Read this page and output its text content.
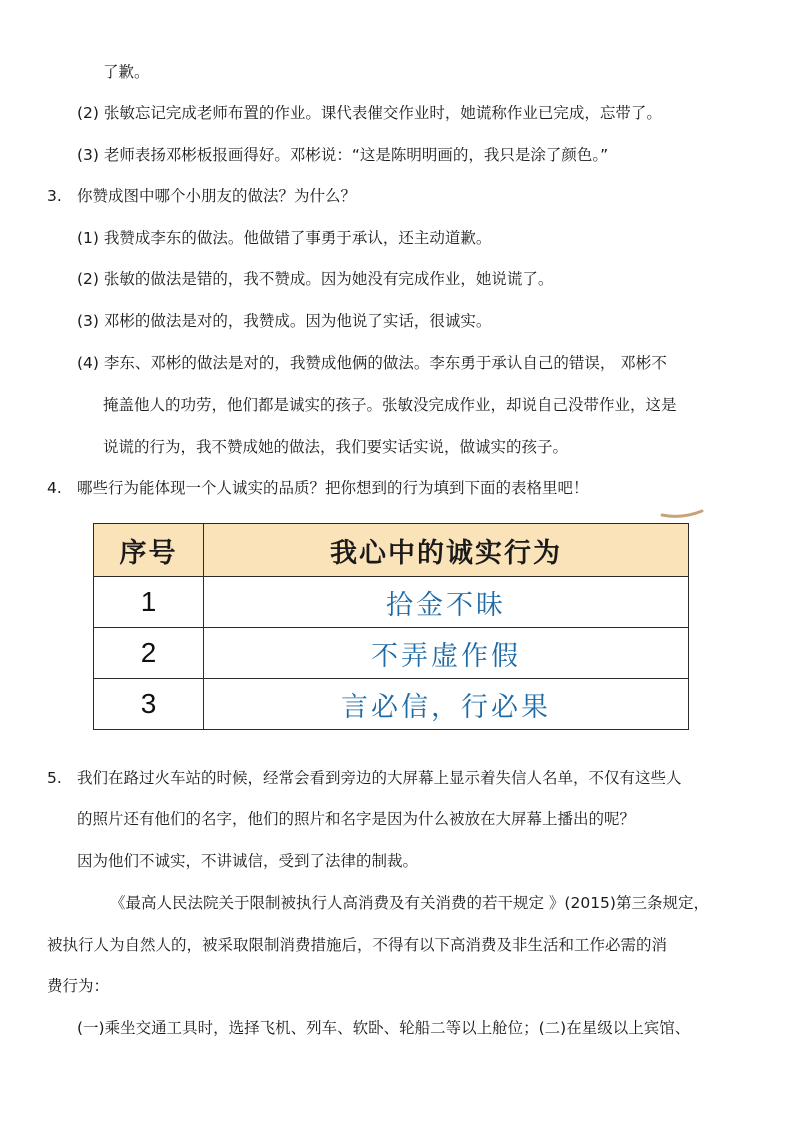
了歉。
(2) 张敏忘记完成老师布置的作业。课代表催交作业时，她谎称作业已完成，忘带了。
(3) 老师表扬邓彬板报画得好。邓彬说：“这是陈明明画的，我只是涂了颜色。”
3. 你赞成图中哪个小朋友的做法？为什么？
(1) 我赞成李东的做法。他做错了事勇于承认，还主动道歉。
(2) 张敏的做法是错的，我不赞成。因为她没有完成作业，她说谎了。
(3) 邓彬的做法是对的，我赞成。因为他说了实话，很诚实。
(4) 李东、邓彬的做法是对的，我赞成他俩的做法。李东勇于承认自己的错误， 邓彬不
掩盖他人的功劳，他们都是诚实的孩子。张敏没完成作业，却说自己没带作业，这是
说谎的行为，我不赞成她的做法，我们要实话实说，做诚实的孩子。
4. 哪些行为能体现一个人诚实的品质？把你想到的行为填到下面的表格里吧！
序号	我心中的诚实行为
1	拾金不昧
2	不弄虚作假
3	言必信，行必果
5. 我们在路过火车站的时候，经常会看到旁边的大屏幕上显示着失信人名单，不仅有这些人
的照片还有他们的名字，他们的照片和名字是因为什么被放在大屏幕上播出的呢？
因为他们不诚实，不讲诚信，受到了法律的制裁。
《最高人民法院关于限制被执行人高消费及有关消费的若干规定 》(2015)第三条规定，
被执行人为自然人的，被采取限制消费措施后，不得有以下高消费及非生活和工作必需的消
费行为：
(一)乘坐交通工具时，选择飞机、列车、软卧、轮船二等以上舱位；(二)在星级以上宾馆、
